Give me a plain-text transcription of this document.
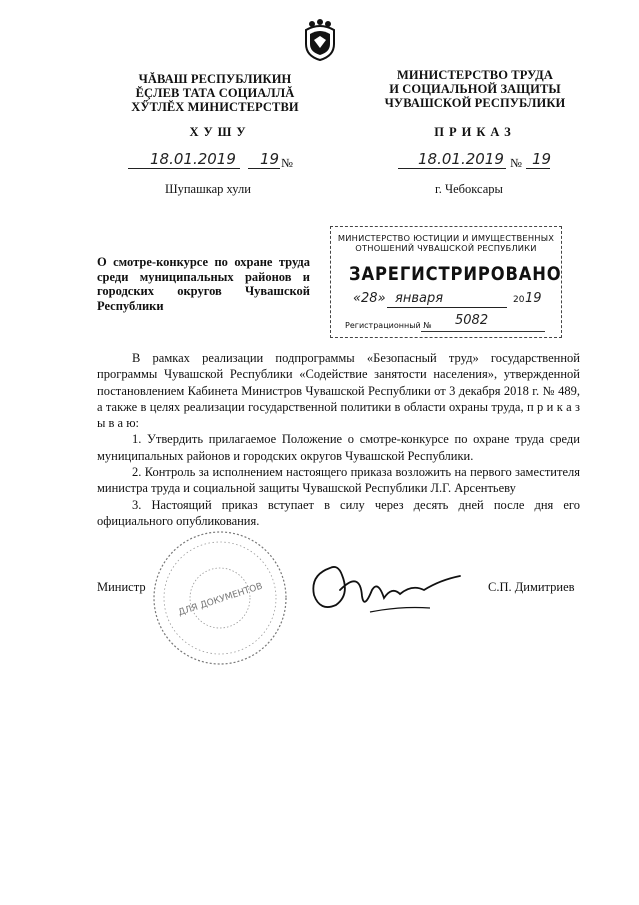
ЧĂВАШ РЕСПУБЛИКИН
ĔÇЛЕВ ТАТА СОЦИАЛЛĂ
ХӲТЛĔХ МИНИСТЕРСТВИ
МИНИСТЕРСТВО ТРУДА
И СОЦИАЛЬНОЙ ЗАЩИТЫ
ЧУВАШСКОЙ РЕСПУБЛИКИ
ХУШУ	ПРИКАЗ
18.01.2019 19 №	18.01.2019 № 19
Шупашкар хули	г. Чебоксары
О смотре-конкурсе по охране труда среди муниципальных районов и городских округов Чувашской Республики
МИНИСТЕРСТВО ЮСТИЦИИ И ИМУЩЕСТВЕННЫХ
ОТНОШЕНИЙ ЧУВАШСКОЙ РЕСПУБЛИКИ
ЗАРЕГИСТРИРОВАНО
«28» января	20 19
Регистрационный № 5082

В рамках реализации подпрограммы «Безопасный труд» государственной программы Чувашской Республики «Содействие занятости населения», утвержденной постановлением Кабинета Министров Чувашской Республики от 3 декабря 2018 г. № 489, а также в целях реализации государственной политики в области охраны труда, п р и к а з ы в а ю:

1. Утвердить прилагаемое Положение о смотре-конкурсе по охране труда среди муниципальных районов и городских округов Чувашской Республики.

2. Контроль за исполнением настоящего приказа возложить на первого заместителя министра труда и социальной защиты Чувашской Республики Л.Г. Арсентьеву

3. Настоящий приказ вступает в силу через десять дней после дня его официального опубликования.

ДЛЯ ДОКУМЕНТОВ
Министр	С.П. Димитриев
